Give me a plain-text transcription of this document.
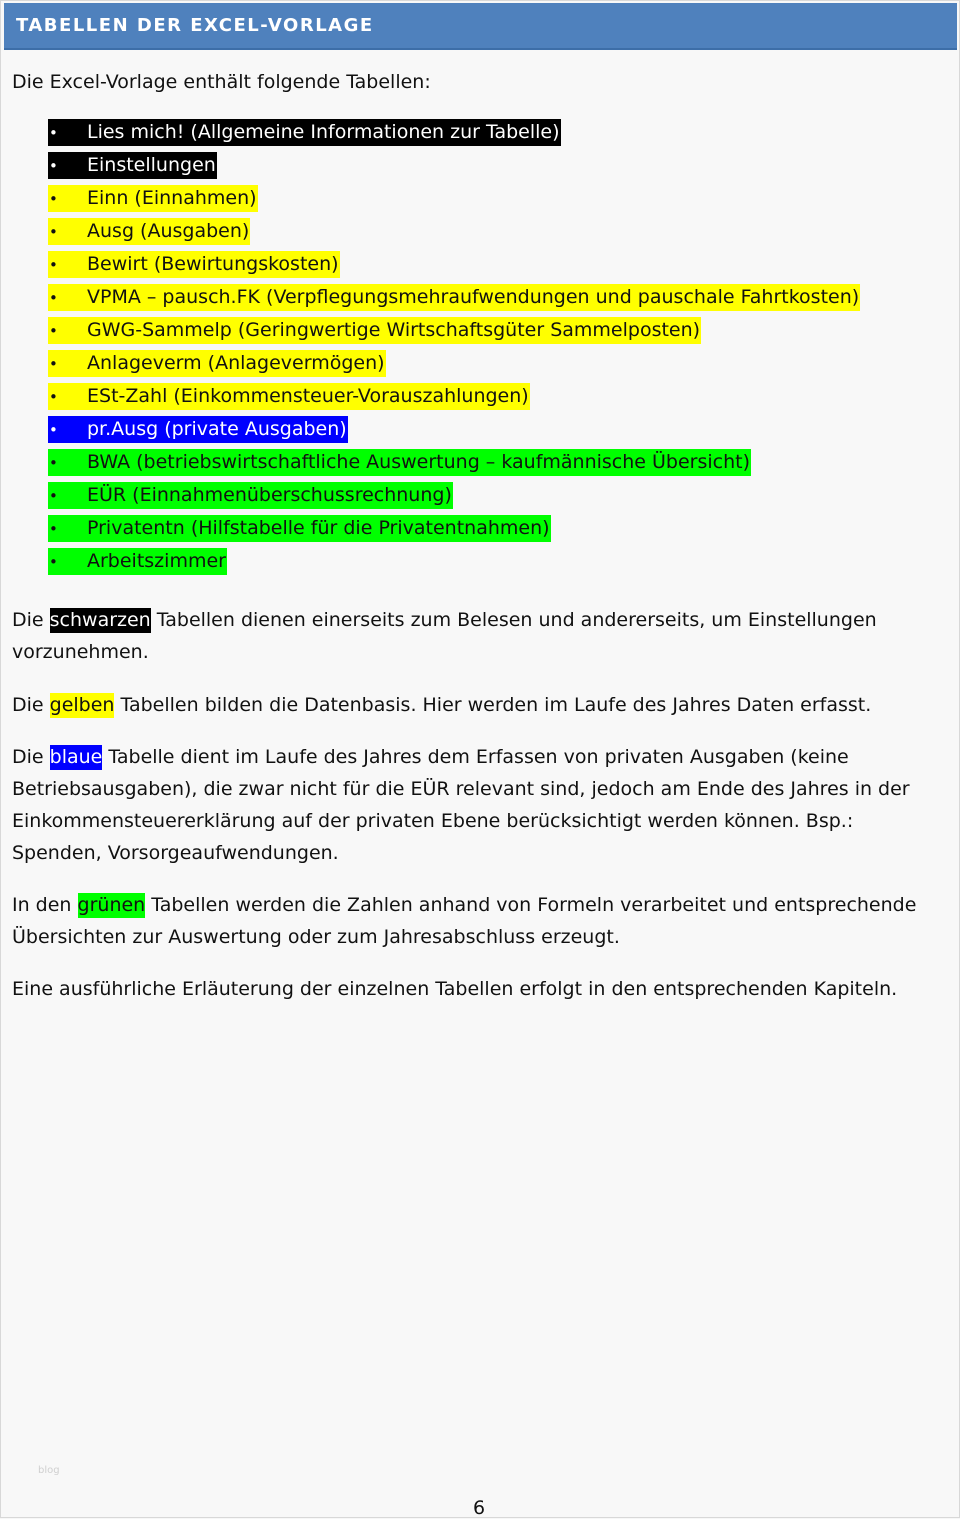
TABELLEN DER EXCEL-VORLAGE
Die Excel-Vorlage enthält folgende Tabellen:
• Lies mich! (Allgemeine Informationen zur Tabelle)
• Einstellungen
• Einn (Einnahmen)
• Ausg (Ausgaben)
• Bewirt (Bewirtungskosten)
• VPMA – pausch.FK (Verpflegungsmehraufwendungen und pauschale Fahrtkosten)
• GWG-Sammelp (Geringwertige Wirtschaftsgüter Sammelposten)
• Anlageverm (Anlagevermögen)
• ESt-Zahl (Einkommensteuer-Vorauszahlungen)
• pr.Ausg (private Ausgaben)
• BWA (betriebswirtschaftliche Auswertung – kaufmännische Übersicht)
• EÜR (Einnahmenüberschussrechnung)
• Privatentn (Hilfstabelle für die Privatentnahmen)
• Arbeitszimmer

Die schwarzen Tabellen dienen einerseits zum Belesen und andererseits, um Einstellungen vorzunehmen.

Die gelben Tabellen bilden die Datenbasis. Hier werden im Laufe des Jahres Daten erfasst.

Die blaue Tabelle dient im Laufe des Jahres dem Erfassen von privaten Ausgaben (keine Betriebsausgaben), die zwar nicht für die EÜR relevant sind, jedoch am Ende des Jahres in der Einkommensteuererklärung auf der privaten Ebene berücksichtigt werden können. Bsp.: Spenden, Vorsorgeaufwendungen.

In den grünen Tabellen werden die Zahlen anhand von Formeln verarbeitet und entsprechende Übersichten zur Auswertung oder zum Jahresabschluss erzeugt.

Eine ausführliche Erläuterung der einzelnen Tabellen erfolgt in den entsprechenden Kapiteln.

blog
6
